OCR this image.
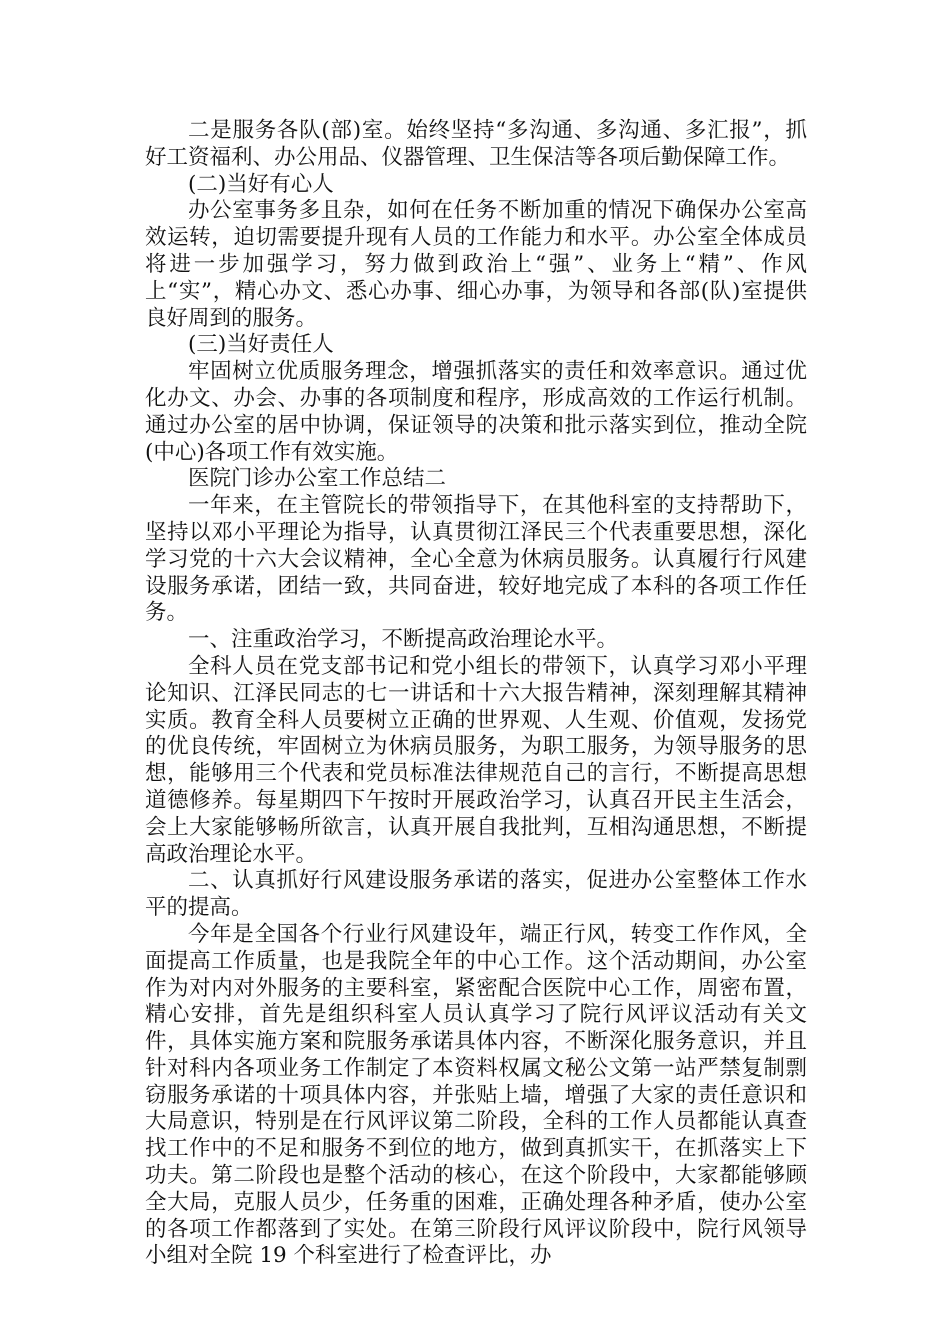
二是服务各队(部)室。始终坚持“多沟通、多沟通、多汇报”，抓好工资福利、办公用品、仪器管理、卫生保洁等各项后勤保障工作。

(二)当好有心人

办公室事务多且杂，如何在任务不断加重的情况下确保办公室高效运转，迫切需要提升现有人员的工作能力和水平。办公室全体成员将进一步加强学习，努力做到政治上“强”、业务上“精”、作风上“实”，精心办文、悉心办事、细心办事，为领导和各部(队)室提供良好周到的服务。

(三)当好责任人

牢固树立优质服务理念，增强抓落实的责任和效率意识。通过优化办文、办会、办事的各项制度和程序，形成高效的工作运行机制。通过办公室的居中协调，保证领导的决策和批示落实到位，推动全院(中心)各项工作有效实施。

医院门诊办公室工作总结二

一年来，在主管院长的带领指导下，在其他科室的支持帮助下，坚持以邓小平理论为指导，认真贯彻江泽民三个代表重要思想，深化学习党的十六大会议精神，全心全意为休病员服务。认真履行行风建设服务承诺，团结一致，共同奋进，较好地完成了本科的各项工作任务。

一、注重政治学习，不断提高政治理论水平。

全科人员在党支部书记和党小组长的带领下，认真学习邓小平理论知识、江泽民同志的七一讲话和十六大报告精神，深刻理解其精神实质。教育全科人员要树立正确的世界观、人生观、价值观，发扬党的优良传统，牢固树立为休病员服务，为职工服务，为领导服务的思想，能够用三个代表和党员标准法律规范自己的言行，不断提高思想道德修养。每星期四下午按时开展政治学习，认真召开民主生活会，会上大家能够畅所欲言，认真开展自我批判，互相沟通思想，不断提高政治理论水平。

二、认真抓好行风建设服务承诺的落实，促进办公室整体工作水平的提高。

今年是全国各个行业行风建设年，端正行风，转变工作作风，全面提高工作质量，也是我院全年的中心工作。这个活动期间，办公室作为对内对外服务的主要科室，紧密配合医院中心工作，周密布置，精心安排，首先是组织科室人员认真学习了院行风评议活动有关文件，具体实施方案和院服务承诺具体内容，不断深化服务意识，并且针对科内各项业务工作制定了本资料权属文秘公文第一站严禁复制剽窃服务承诺的十项具体内容，并张贴上墙，增强了大家的责任意识和大局意识，特别是在行风评议第二阶段，全科的工作人员都能认真查找工作中的不足和服务不到位的地方，做到真抓实干，在抓落实上下功夫。第二阶段也是整个活动的核心，在这个阶段中，大家都能够顾全大局，克服人员少，任务重的困难，正确处理各种矛盾，使办公室的各项工作都落到了实处。在第三阶段行风评议阶段中，院行风领导小组对全院 19 个科室进行了检查评比，办
